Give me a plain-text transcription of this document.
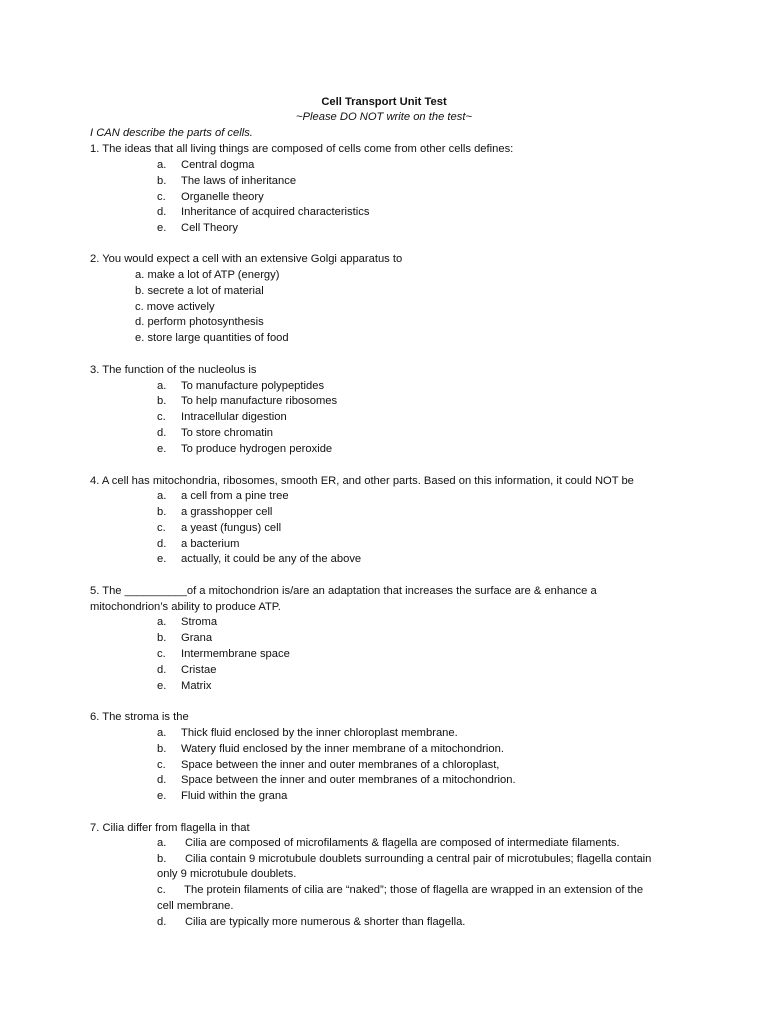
Cell Transport Unit Test
~Please DO NOT write on the test~
I CAN describe the parts of cells.
1. The ideas that all living things are composed of cells come from other cells defines:
a.	Central dogma
b.	The laws of inheritance
c.	Organelle theory
d.	Inheritance of acquired characteristics
e.	Cell Theory
2. You would expect a cell with an extensive Golgi apparatus to
a. make a lot of ATP (energy)
b. secrete a lot of material
c. move actively
d. perform photosynthesis
e. store large quantities of food
3. The function of the nucleolus is
a.	To manufacture polypeptides
b.	To help manufacture ribosomes
c.	Intracellular digestion
d.	To store chromatin
e.	To produce hydrogen peroxide
4. A cell has mitochondria, ribosomes, smooth ER, and other parts. Based on this information, it could NOT be
a.	a cell from a pine tree
b.	a grasshopper cell
c.	a yeast (fungus) cell
d.	a bacterium
e.	actually, it could be any of the above
5. The __________of a mitochondrion is/are an adaptation that increases the surface are & enhance a
mitochondrion’s ability to produce ATP.
a.	Stroma
b.	Grana
c.	Intermembrane space
d.	Cristae
e.	Matrix
6. The stroma is the
a.	Thick fluid enclosed by the inner chloroplast membrane.
b.	Watery fluid enclosed by the inner membrane of a mitochondrion.
c.	Space between the inner and outer membranes of a chloroplast,
d.	Space between the inner and outer membranes of a mitochondrion.
e.	Fluid within the grana
7. Cilia differ from flagella in that
a.      Cilia are composed of microfilaments & flagella are composed of intermediate filaments.
b.      Cilia contain 9 microtubule doublets surrounding a central pair of microtubules; flagella contain
only 9 microtubule doublets.
c.      The protein filaments of cilia are “naked”; those of flagella are wrapped in an extension of the
cell membrane.
d.      Cilia are typically more numerous & shorter than flagella.
